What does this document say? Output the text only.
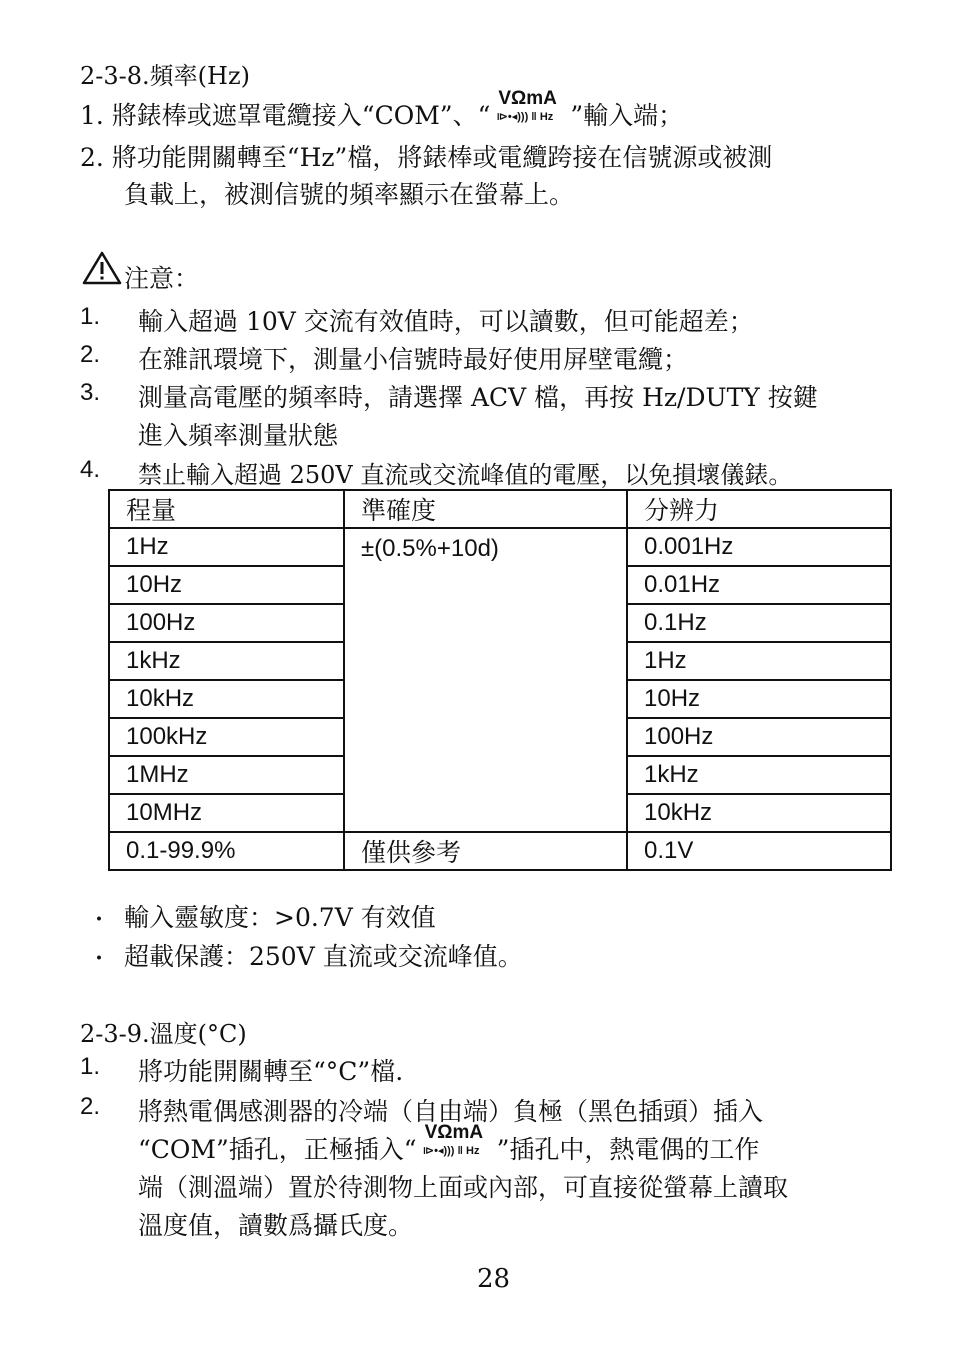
2-3-8.頻率(Hz)
1. 將錶棒或遮罩電纜接入“COM”、“
VΩmA
⧐•◂))) ‖ Hz ”輸入端；
2. 將功能開關轉至“Hz”檔，將錶棒或電纜跨接在信號源或被測
負載上，被測信號的頻率顯示在螢幕上。
注意：
1. 輸入超過 10V 交流有效值時，可以讀數，但可能超差；
2. 在雜訊環境下，測量小信號時最好使用屏壁電纜；
3. 測量高電壓的頻率時，請選擇 ACV 檔，再按 Hz/DUTY 按鍵
進入頻率測量狀態
4. 禁止輸入超過 250V 直流或交流峰值的電壓，以免損壞儀錶。
程量	準確度	分辨力
1Hz	±(0.5%+10d)	0.001Hz
10Hz		0.01Hz
100Hz		0.1Hz
1kHz		1Hz
10kHz		10Hz
100kHz		100Hz
1MHz		1kHz
10MHz		10kHz
0.1-99.9%	僅供參考	0.1V
・ 輸入靈敏度：>0.7V 有效值
・ 超載保護：250V 直流或交流峰值。
2-3-9.溫度(°C)
1. 將功能開關轉至“°C”檔.
2. 將熱電偶感測器的冷端（自由端）負極（黑色插頭）插入
“COM”插孔，正極插入“
VΩmA
⧐•◂))) ‖ Hz ”插孔中，熱電偶的工作
端（測溫端）置於待測物上面或內部，可直接從螢幕上讀取
溫度值，讀數爲攝氏度。
28
